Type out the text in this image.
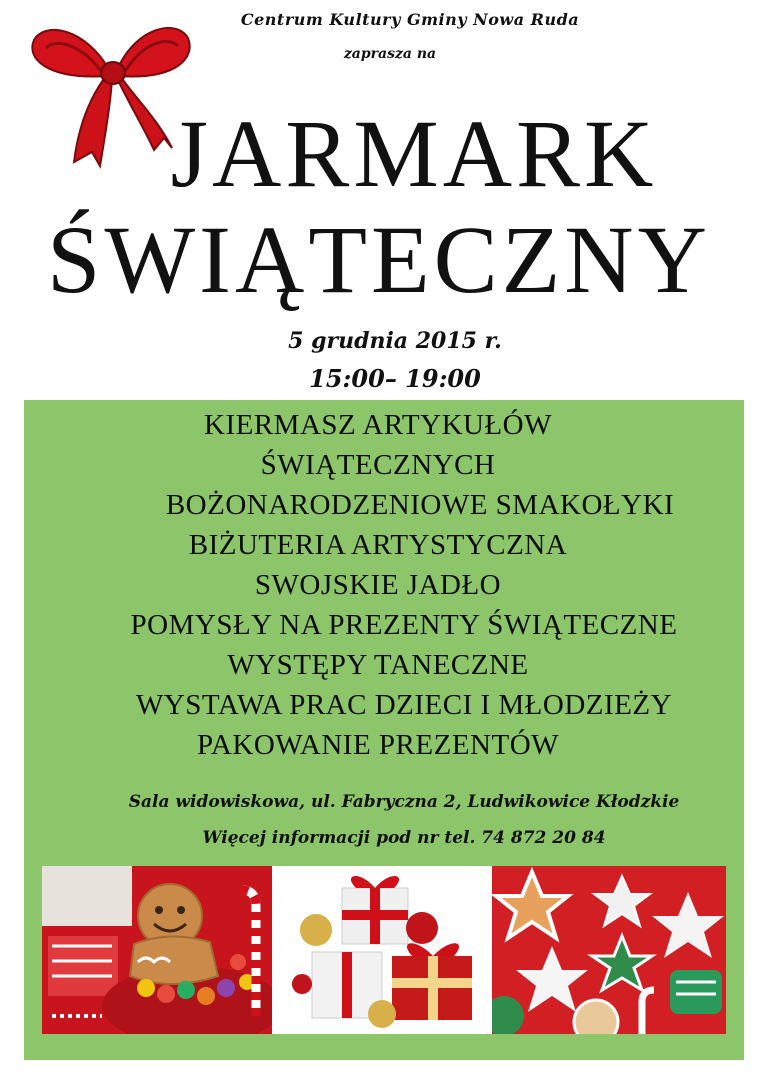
Centrum Kultury Gminy Nowa Ruda
zaprasza na
JARMARK
ŚWIĄTECZNY
5 grudnia 2015 r.
15:00– 19:00
KIERMASZ ARTYKUŁÓW
ŚWIĄTECZNYCH
BOŻONARODZENIOWE SMAKOŁYKI
BIŻUTERIA ARTYSTYCZNA
SWOJSKIE JADŁO
POMYSŁY NA PREZENTY ŚWIĄTECZNE
WYSTĘPY TANECZNE
WYSTAWA PRAC DZIECI I MŁODZIEŻY
PAKOWANIE PREZENTÓW
Sala widowiskowa, ul. Fabryczna 2, Ludwikowice Kłodzkie
Więcej informacji pod nr tel. 74 872 20 84
